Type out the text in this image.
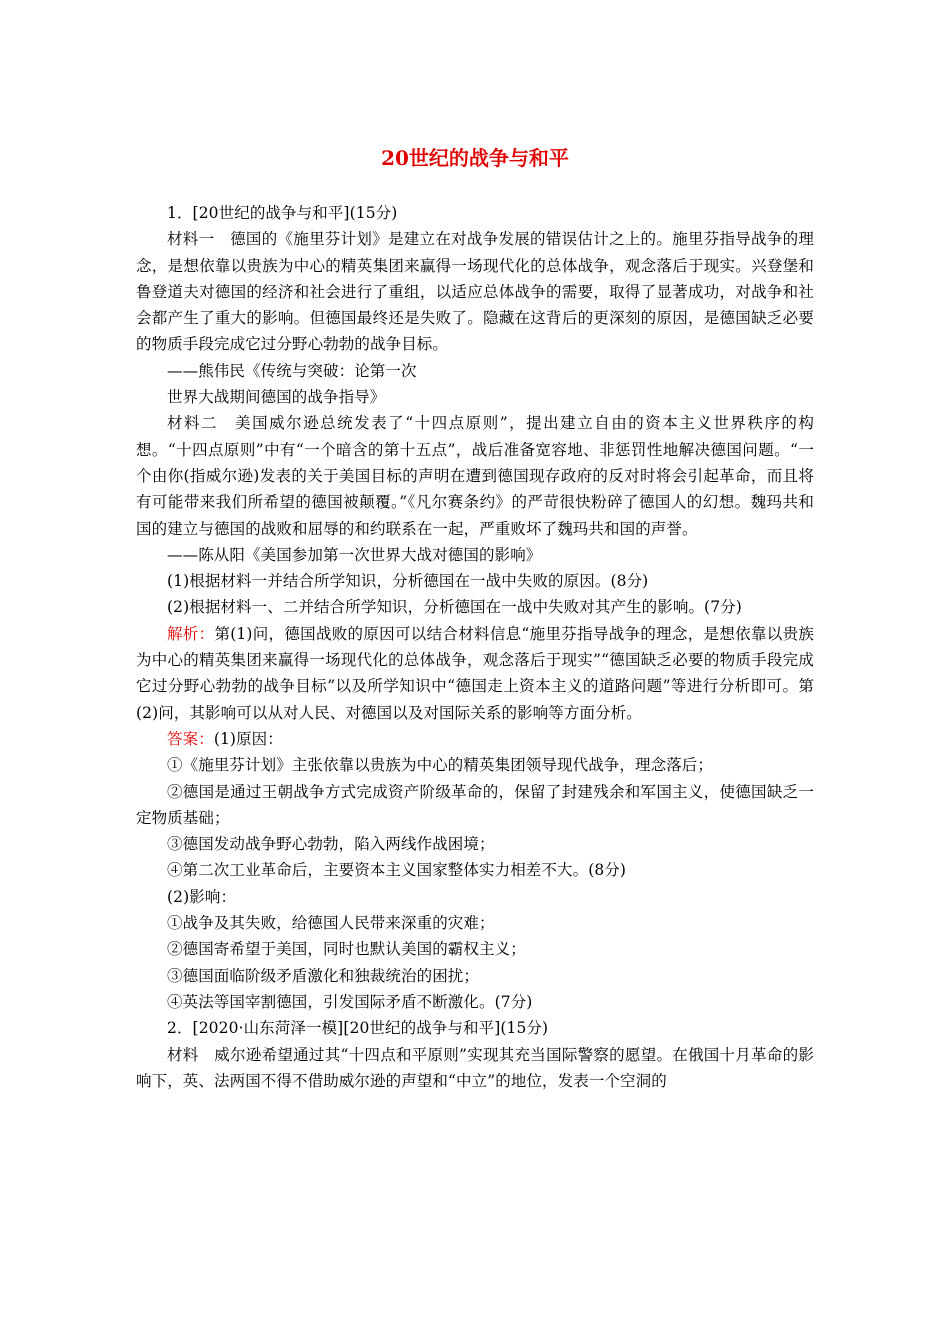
20世纪的战争与和平

1．[20世纪的战争与和平](15分)

材料一　德国的《施里芬计划》是建立在对战争发展的错误估计之上的。施里芬指导战争的理念，是想依靠以贵族为中心的精英集团来赢得一场现代化的总体战争，观念落后于现实。兴登堡和鲁登道夫对德国的经济和社会进行了重组，以适应总体战争的需要，取得了显著成功，对战争和社会都产生了重大的影响。但德国最终还是失败了。隐藏在这背后的更深刻的原因，是德国缺乏必要的物质手段完成它过分野心勃勃的战争目标。

——熊伟民《传统与突破：论第一次

世界大战期间德国的战争指导》

材料二　美国威尔逊总统发表了“十四点原则”，提出建立自由的资本主义世界秩序的构想。“十四点原则”中有“一个暗含的第十五点”，战后准备宽容地、非惩罚性地解决德国问题。“一个由你(指威尔逊)发表的关于美国目标的声明在遭到德国现存政府的反对时将会引起革命，而且将有可能带来我们所希望的德国被颠覆。”《凡尔赛条约》的严苛很快粉碎了德国人的幻想。魏玛共和国的建立与德国的战败和屈辱的和约联系在一起，严重败坏了魏玛共和国的声誉。

——陈从阳《美国参加第一次世界大战对德国的影响》

(1)根据材料一并结合所学知识，分析德国在一战中失败的原因。(8分)

(2)根据材料一、二并结合所学知识，分析德国在一战中失败对其产生的影响。(7分)

解析：第(1)问，德国战败的原因可以结合材料信息“施里芬指导战争的理念，是想依靠以贵族为中心的精英集团来赢得一场现代化的总体战争，观念落后于现实”“德国缺乏必要的物质手段完成它过分野心勃勃的战争目标”以及所学知识中“德国走上资本主义的道路问题”等进行分析即可。第(2)问，其影响可以从对人民、对德国以及对国际关系的影响等方面分析。

答案：(1)原因：

①《施里芬计划》主张依靠以贵族为中心的精英集团领导现代战争，理念落后；

②德国是通过王朝战争方式完成资产阶级革命的，保留了封建残余和军国主义，使德国缺乏一定物质基础；

③德国发动战争野心勃勃，陷入两线作战困境；

④第二次工业革命后，主要资本主义国家整体实力相差不大。(8分)

(2)影响：

①战争及其失败，给德国人民带来深重的灾难；

②德国寄希望于美国，同时也默认美国的霸权主义；

③德国面临阶级矛盾激化和独裁统治的困扰；

④英法等国宰割德国，引发国际矛盾不断激化。(7分)

2．[2020·山东菏泽一模][20世纪的战争与和平](15分)

材料　威尔逊希望通过其“十四点和平原则”实现其充当国际警察的愿望。在俄国十月革命的影响下，英、法两国不得不借助威尔逊的声望和“中立”的地位，发表一个空洞的
